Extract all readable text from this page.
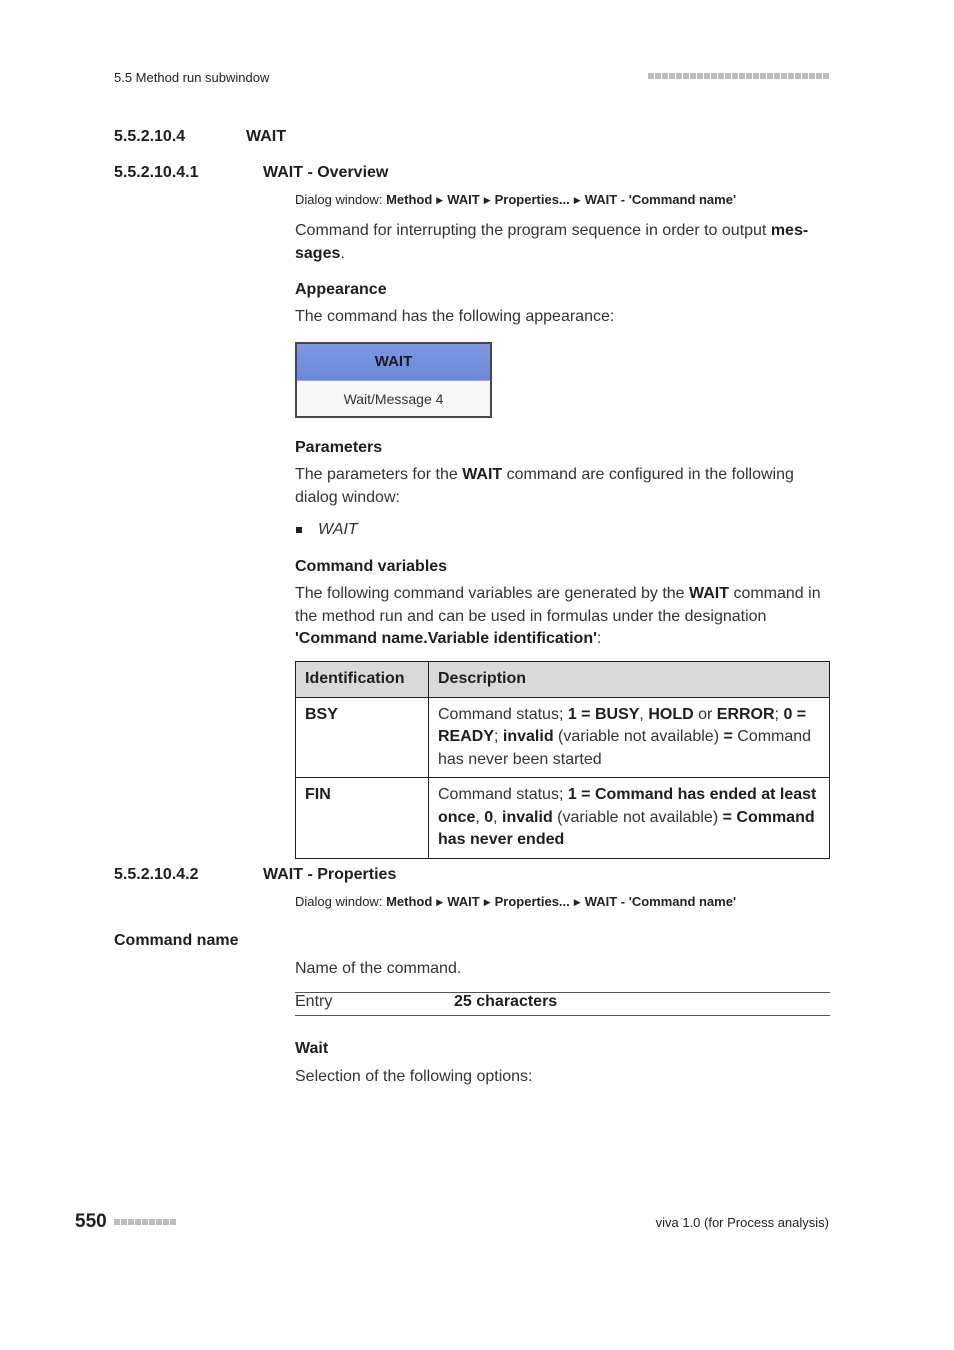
5.5 Method run subwindow
5.5.2.10.4	WAIT
5.5.2.10.4.1	WAIT - Overview
Dialog window: Method ▶ WAIT ▶ Properties... ▶ WAIT - 'Command name'
Command for interrupting the program sequence in order to output mes-
sages.
Appearance
The command has the following appearance:
WAIT
Wait/Message 4
Parameters
The parameters for the WAIT command are configured in the following dialog window:
WAIT
Command variables
The following command variables are generated by the WAIT command in the method run and can be used in formulas under the designation 'Command name.Variable identification':
Identification	Description
BSY	Command status; 1 = BUSY, HOLD or ERROR; 0 = READY; invalid (variable not available) = Command has never been started
FIN	Command status; 1 = Command has ended at least once, 0, invalid (variable not available) = Command has never ended
5.5.2.10.4.2	WAIT - Properties
Dialog window: Method ▶ WAIT ▶ Properties... ▶ WAIT - 'Command name'
Command name
Name of the command.
Entry	25 characters
Wait
Selection of the following options:
550	viva 1.0 (for Process analysis)
